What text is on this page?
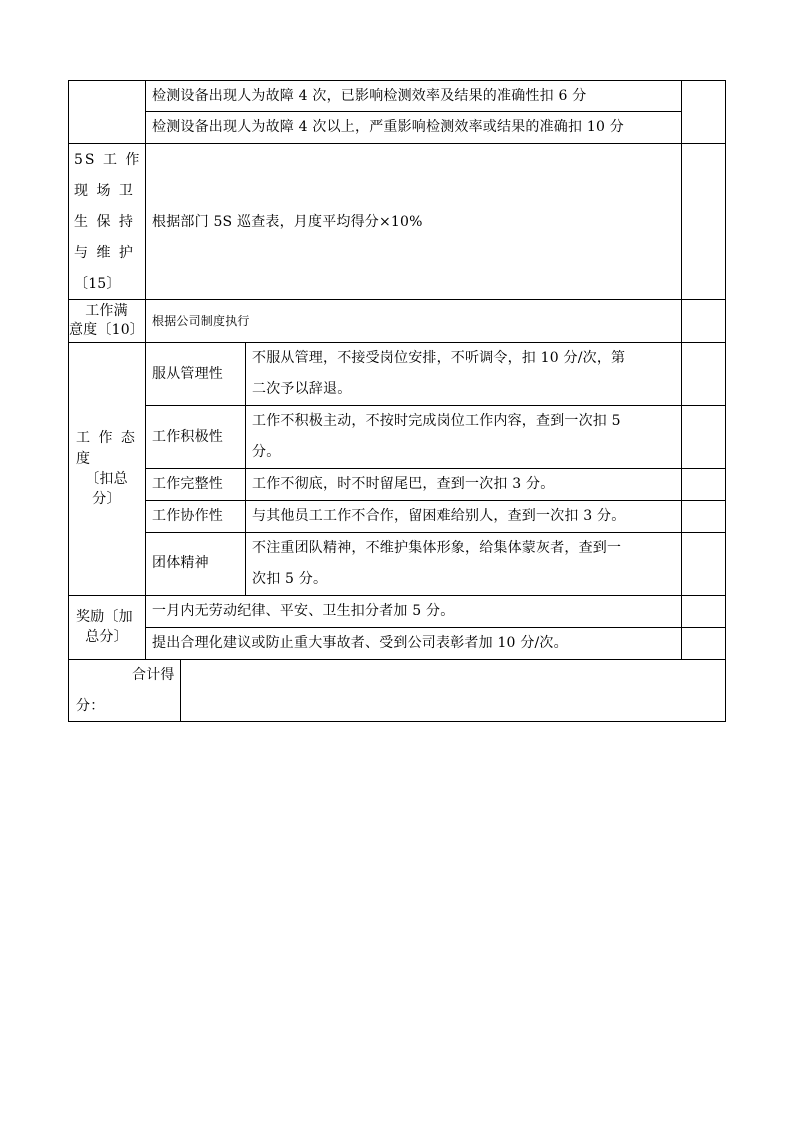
检测设备出现人为故障 4 次，已影响检测效率及结果的准确性扣 6 分
检测设备出现人为故障 4 次以上，严重影响检测效率或结果的准确扣 10 分
5S 工 作
现 场 卫
生 保 持
与 维 护
〔15〕
根据部门 5S 巡查表，月度平均得分×10%
工作满
意度〔10〕
根据公司制度执行
工 作 态
度
〔扣总
分〕
服从管理性
不服从管理，不接受岗位安排，不听调令，扣 10 分/次，第
二次予以辞退。
工作积极性
工作不积极主动，不按时完成岗位工作内容，查到一次扣 5
分。
工作完整性 工作不彻底，时不时留尾巴，查到一次扣 3 分。
工作协作性 与其他员工工作不合作，留困难给别人，查到一次扣 3 分。
团体精神
不注重团队精神，不维护集体形象，给集体蒙灰者，查到一
次扣 5 分。
奖励〔加
总分〕
一月内无劳动纪律、平安、卫生扣分者加 5 分。
提出合理化建议或防止重大事故者、受到公司表彰者加 10 分/次。
合计得
分：
